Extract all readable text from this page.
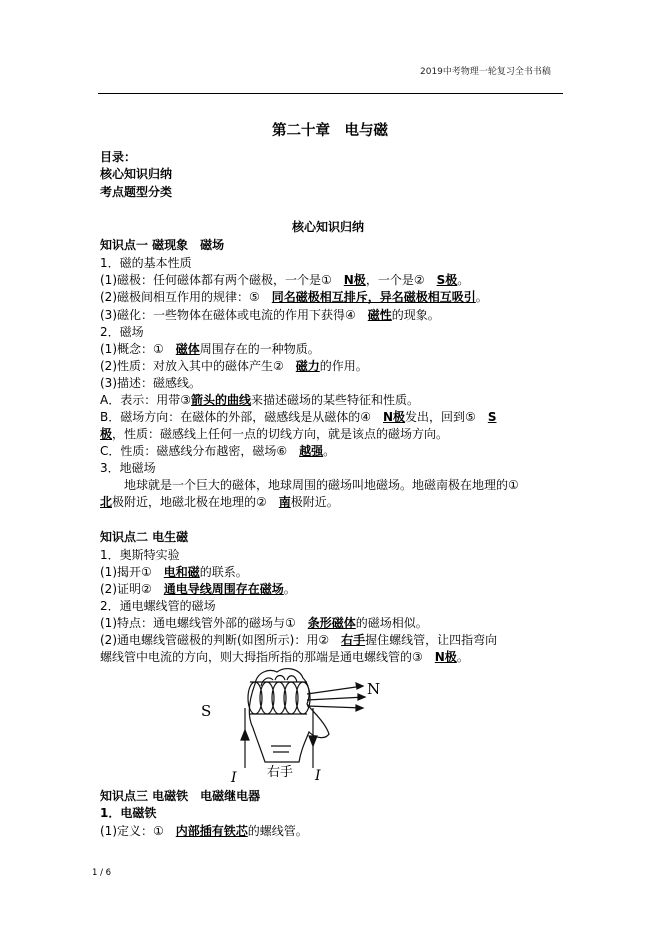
2019中考物理一轮复习全书书稿
第二十章　电与磁
目录：
核心知识归纳
考点题型分类
核心知识归纳
知识点一 磁现象　磁场
1．磁的基本性质
(1)磁极：任何磁体都有两个磁极，一个是①　N极，一个是②　S极。
(2)磁极间相互作用的规律：⑤　同名磁极相互排斥，异名磁极相互吸引。
(3)磁化：一些物体在磁体或电流的作用下获得④　磁性的现象。
2．磁场
(1)概念：①　磁体周围存在的一种物质。
(2)性质：对放入其中的磁体产生②　磁力的作用。
(3)描述：磁感线。
A．表示：用带③箭头的曲线来描述磁场的某些特征和性质。
B．磁场方向：在磁体的外部，磁感线是从磁体的④　N极发出，回到⑤　S
极，性质：磁感线上任何一点的切线方向，就是该点的磁场方向。
C．性质：磁感线分布越密，磁场⑥　越强。
3．地磁场
地球就是一个巨大的磁体，地球周围的磁场叫地磁场。地磁南极在地理的①
北极附近，地磁北极在地理的②　南极附近。
知识点二 电生磁
1．奥斯特实验
(1)揭开①　电和磁的联系。
(2)证明②　通电导线周围存在磁场。
2．通电螺线管的磁场
(1)特点：通电螺线管外部的磁场与①　条形磁体的磁场相似。
(2)通电螺线管磁极的判断(如图所示)：用②　右手握住螺线管，让四指弯向
螺线管中电流的方向，则大拇指所指的那端是通电螺线管的③　N极。
S
N
右手
I	I
知识点三 电磁铁　电磁继电器
1．电磁铁
(1)定义：①　内部插有铁芯的螺线管。
1 / 6
